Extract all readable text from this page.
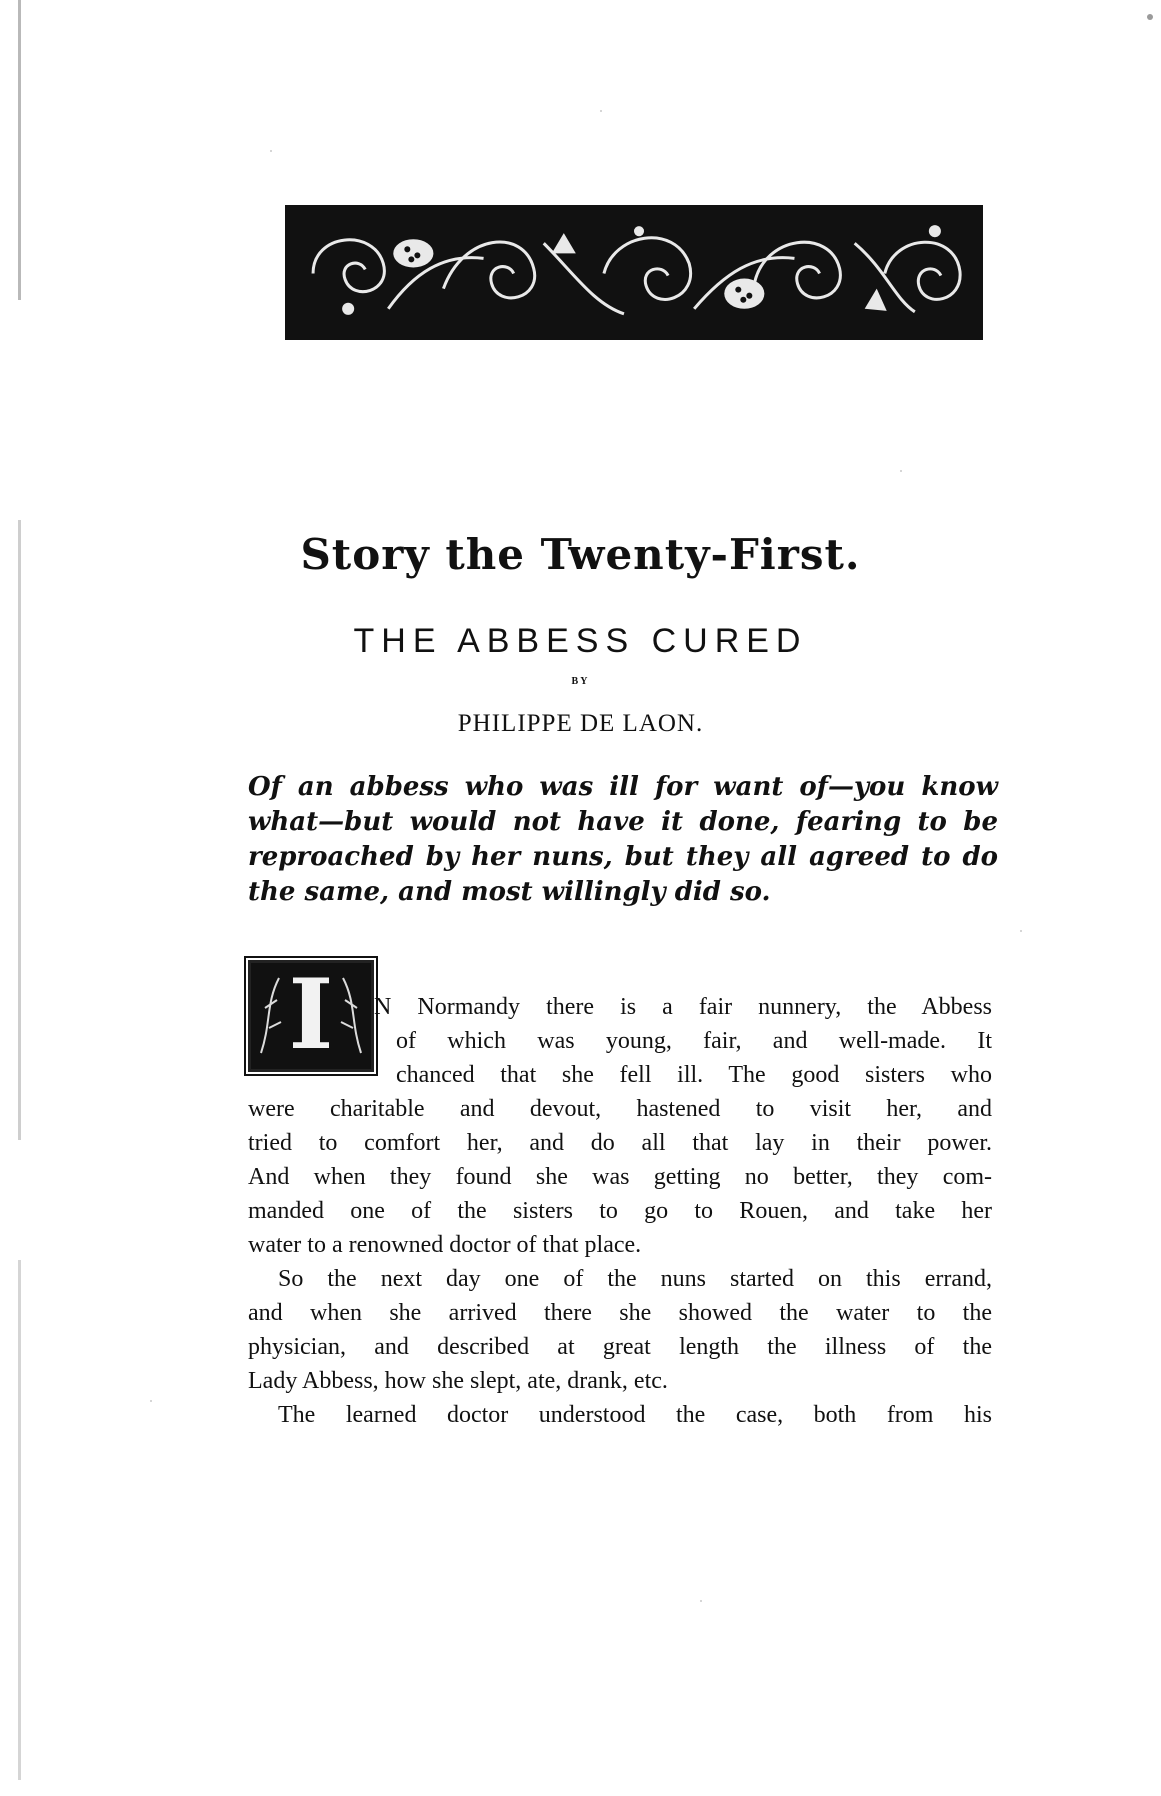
Story the Twenty-First.
THE ABBESS CURED
BY
PHILIPPE DE LAON.
Of an abbess who was ill for want of—you know what—but would not have it done, fearing to be reproached by her nuns, but they all agreed to do the same, and most willingly did so.
I	N Normandy there is a fair nunnery, the Abbess
of which was young, fair, and well-made. It
chanced that she fell ill. The good sisters who
were charitable and devout, hastened to visit her, and
tried to comfort her, and do all that lay in their power.
And when they found she was getting no better, they com-
manded one of the sisters to go to Rouen, and take her
water to a renowned doctor of that place.
So the next day one of the nuns started on this errand,
and when she arrived there she showed the water to the
physician, and described at great length the illness of the
Lady Abbess, how she slept, ate, drank, etc.
The learned doctor understood the case, both from his
